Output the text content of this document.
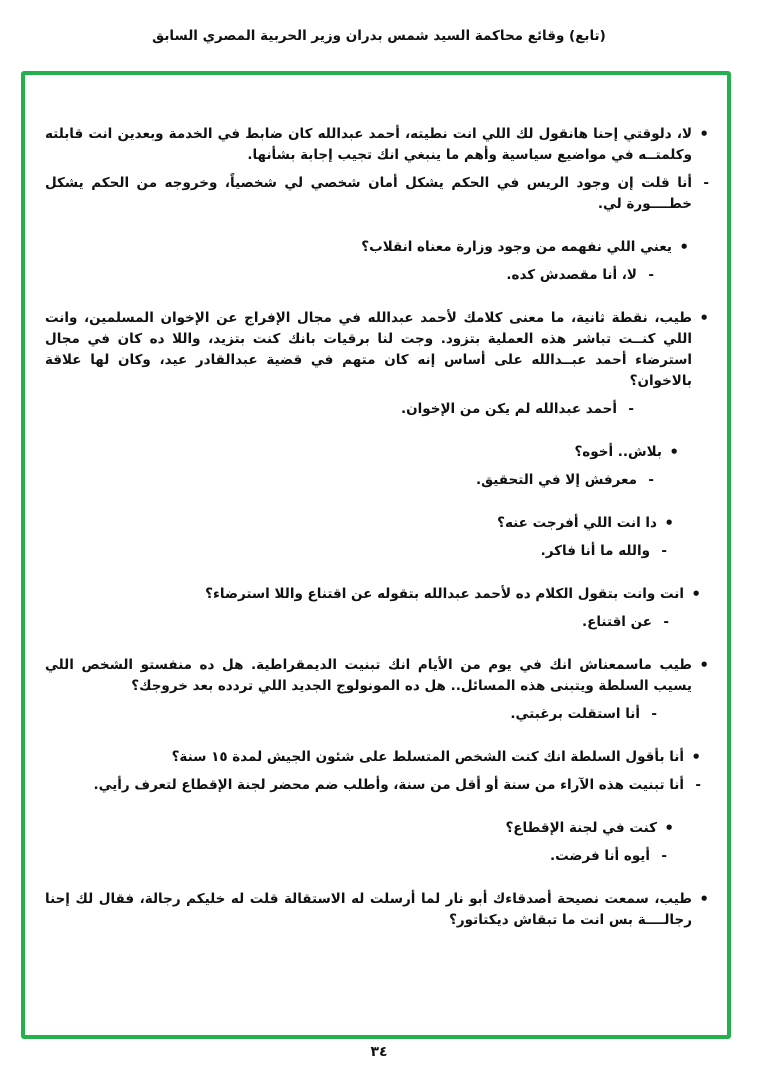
(تابع) وقائع محاكمة السيد شمس بدران وزير الحربية المصري السابق
•
لا، دلوقتي إحنا هانقول لك اللي انت نطيته، أحمد عبدالله كان ضابط في الخدمة وبعدين انت قابلته وكلمتــه في مواضيع سياسية وأهم ما ينبغي انك تجيب إجابة بشأنها.
-
أنا قلت إن وجود الريس في الحكم يشكل أمان شخصي لي شخصياً، وخروجه من الحكم يشكل خطــــورة لي.
•
يعني اللي نفهمه من وجود وزارة معناه انقلاب؟
-
لا، أنا مقصدش كده.
•
طيب، نقطة ثانية، ما معنى كلامك لأحمد عبدالله في مجال الإفراج عن الإخوان المسلمين، وانت اللي كنــت تباشر هذه العملية بتزود. وجت لنا برقيات بانك كنت بتزيد، واللا ده كان في مجال استرضاء أحمد عبــدالله على أساس إنه كان متهم في قضية عبدالقادر عيد، وكان لها علاقة بالاخوان؟
-
أحمد عبدالله لم يكن من الإخوان.
•
بلاش.. أخوه؟
-
معرفش إلا في التحقيق.
•
دا انت اللي أفرجت عنه؟
-
والله ما أنا فاكر.
•
انت وانت بتقول الكلام ده لأحمد عبدالله بتقوله عن اقتناع واللا استرضاء؟
-
عن اقتناع.
•
طيب ماسمعناش انك في يوم من الأيام انك تبنيت الديمقراطية. هل ده منفستو الشخص اللي يسيب السلطة ويتبنى هذه المسائل.. هل ده المونولوج الجديد اللي تردده بعد خروجك؟
-
أنا استقلت برغبتي.
•
أنا بأقول السلطة انك كنت الشخص المتسلط على شئون الجيش لمدة ١٥ سنة؟
-
أنا تبنيت هذه الآراء من سنة أو أقل من سنة، وأطلب ضم محضر لجنة الإقطاع لتعرف رأيي.
•
كنت في لجنة الإقطاع؟
-
أيوه أنا فرضت.
•
طيب، سمعت نصيحة أصدقاءك أبو نار لما أرسلت له الاستقالة قلت له خليكم رجالة، فقال لك إحنا رجالــــة بس انت ما تبقاش ديكتاتور؟
٣٤
